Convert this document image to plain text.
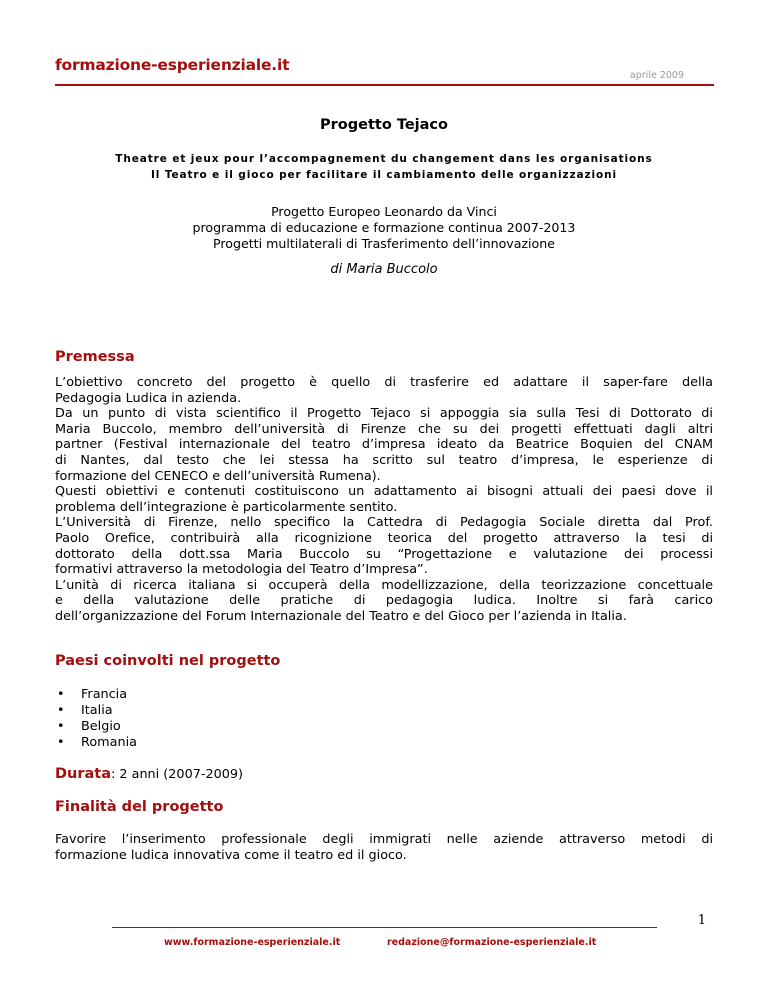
formazione-esperienziale.it
aprile 2009
Progetto Tejaco
Theatre et jeux pour l’accompagnement du changement dans les organisations
Il Teatro e il gioco per facilitare il cambiamento delle organizzazioni
Progetto Europeo Leonardo da Vinci
programma di educazione e formazione continua 2007-2013
Progetti multilaterali di Trasferimento dell’innovazione
di Maria Buccolo
Premessa
L’obiettivo concreto del progetto è quello di trasferire ed adattare il saper-fare della
Pedagogia Ludica in azienda.
Da un punto di vista scientifico il Progetto Tejaco si appoggia sia sulla Tesi di Dottorato di
Maria Buccolo, membro dell’università di Firenze che su dei progetti effettuati dagli altri
partner (Festival internazionale del teatro d’impresa ideato da Beatrice Boquien del CNAM
di Nantes, dal testo che lei stessa ha scritto sul teatro d’impresa, le esperienze di
formazione del CENECO e dell’università Rumena).
Questi obiettivi e contenuti costituiscono un adattamento ai bisogni attuali dei paesi dove il
problema dell’integrazione è particolarmente sentito.
L’Università di Firenze, nello specifico la Cattedra di Pedagogia Sociale diretta dal Prof.
Paolo Orefice, contribuirà alla ricognizione teorica del progetto attraverso la tesi di
dottorato della dott.ssa Maria Buccolo su “Progettazione e valutazione dei processi
formativi attraverso la metodologia del Teatro d’Impresa”.
L’unità di ricerca italiana si occuperà della modellizzazione, della teorizzazione concettuale
e della valutazione delle pratiche di pedagogia ludica. Inoltre si farà carico
dell’organizzazione del Forum Internazionale del Teatro e del Gioco per l’azienda in Italia.
Paesi coinvolti nel progetto
• Francia
• Italia
• Belgio
• Romania
Durata: 2 anni (2007-2009)
Finalità del progetto
Favorire l’inserimento professionale degli immigrati nelle aziende attraverso metodi di
formazione ludica innovativa come il teatro ed il gioco.
1
www.formazione-esperienziale.it	redazione@formazione-esperienziale.it
